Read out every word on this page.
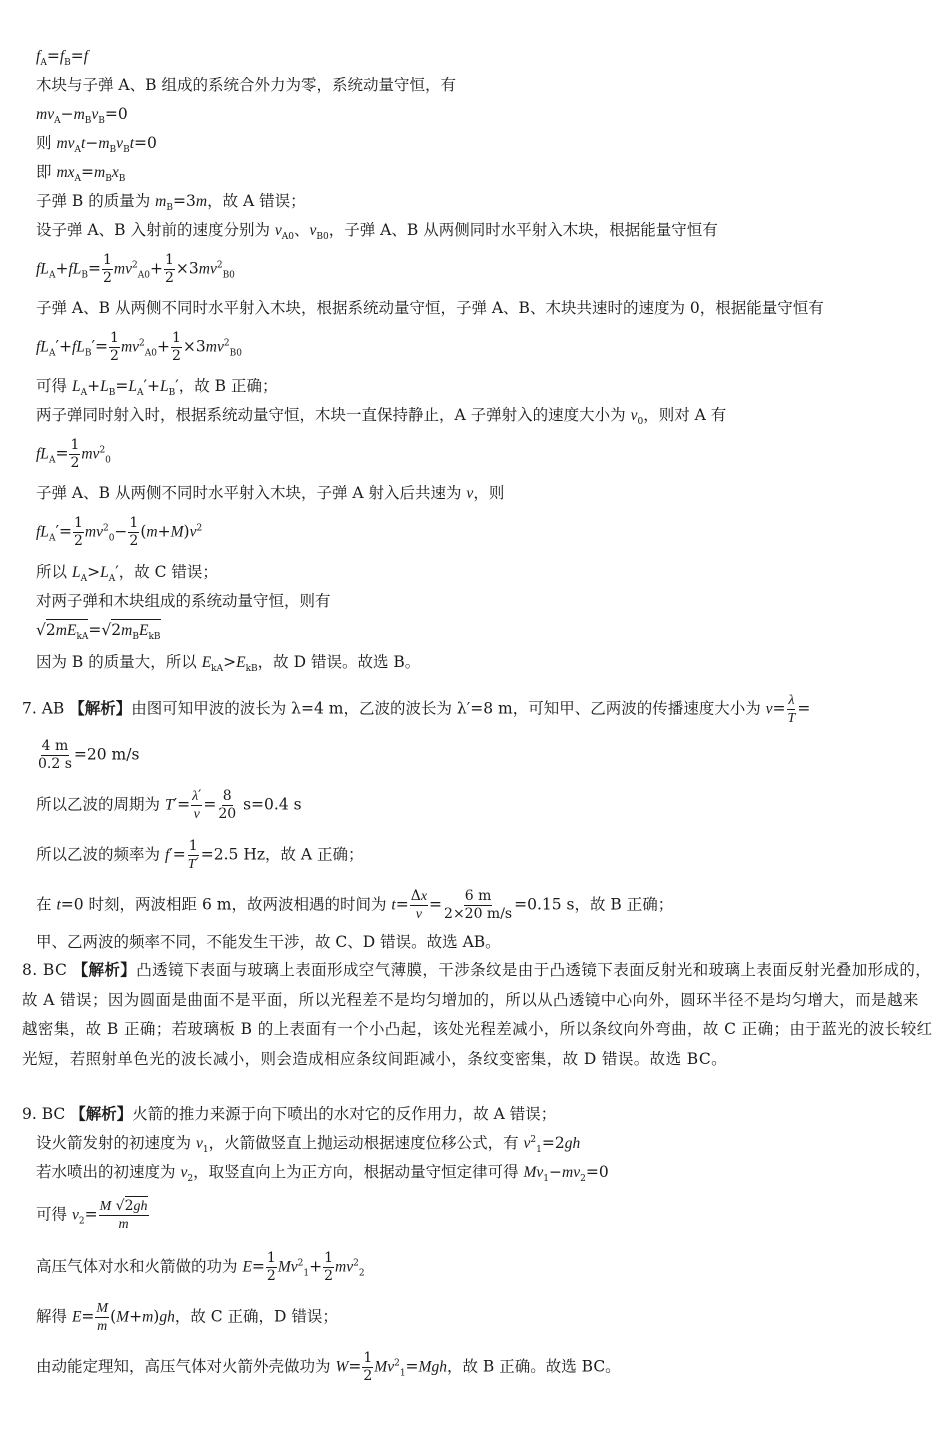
$f_A=f_B=f$
木块与子弹 A、B 组成的系统合外力为零，系统动量守恒，有
$mv_A-m_Bv_B=0$
则 $mv_At-m_Bv_Bt=0$
即 $mx_A=m_Bx_B$
子弹 B 的质量为 $m_B=3m$，故 A 错误；
设子弹 A、B 入射前的速度分别为 $v_{A0}$、$v_{B0}$，子弹 A、B 从两侧同时水平射入木块，根据能量守恒有
$fL_A+fL_B= \frac{1}{2} mv^2_{A0}+ \frac{1}{2} \times 3mv^2_{B0}$
子弹 A、B 从两侧不同时水平射入木块，根据系统动量守恒，子弹 A、B、木块共速时的速度为 0，根据能量守恒有
$fL_A'+fL_B'= \frac{1}{2} mv^2_{A0}+ \frac{1}{2} \times 3mv^2_{B0}$
可得 $L_A+L_B=L_A'+L_B'$，故 B 正确；
两子弹同时射入时，根据系统动量守恒，木块一直保持静止，A 子弹射入的速度大小为 $v_0$，则对 A 有
$fL_A= \frac{1}{2} mv^2_0$
子弹 A、B 从两侧不同时水平射入木块，子弹 A 射入后共速为 v，则
$fL_A'= \frac{1}{2} mv^2_0- \frac{1}{2} (m+M)v^2$
所以 $L_A>L_A'$，故 C 错误；
对两子弹和木块组成的系统动量守恒，则有
$√2mE_{kA}=√2m_BE_{kB}$
因为 B 的质量大，所以 $E_{kA}>E_{kB}$，故 D 错误。故选 B。
7. AB 【解析】由图可知甲波的波长为 λ=4 m，乙波的波长为 λ′=8 m，可知甲、乙两波的传播速度大小为 $v= \frac{\lambda}{T}$ =
$\frac{4 m}{0.2 s} =20$ m/s
所以乙波的周期为 $T'= \frac{\lambda'}{v} = \frac{8}{20} s=0.4$ s
所以乙波的频率为 $f'= \frac{1}{T'} =2.5$ Hz，故 A 正确；
在 t=0 时刻，两波相距 6 m，故两波相遇的时间为 $t= \frac{\Delta x}{v} = \frac{6 m}{2\times 20 m/s} =0.15$ s，故 B 正确；
甲、乙两波的频率不同，不能发生干涉，故 C、D 错误。故选 AB。
8. BC 【解析】凸透镜下表面与玻璃上表面形成空气薄膜，干涉条纹是由于凸透镜下表面反射光和玻璃上表面反射光叠加形成的，故 A 错误；因为圆面是曲面不是平面，所以光程差不是均匀增加的，所以从凸透镜中心向外，圆环半径不是均匀增大，而是越来越密集，故 B 正确；若玻璃板 B 的上表面有一个小凸起，该处光程差减小，所以条纹向外弯曲，故 C 正确；由于蓝光的波长较红光短，若照射单色光的波长减小，则会造成相应条纹间距减小，条纹变密集，故 D 错误。故选 BC。
9. BC 【解析】火箭的推力来源于向下喷出的水对它的反作用力，故 A 错误；
设火箭发射的初速度为 $v_1$，火箭做竖直上抛运动根据速度位移公式，有 $v^2_1=2gh$
若水喷出的初速度为 $v_2$，取竖直向上为正方向，根据动量守恒定律可得 $Mv_1-mv_2=0$
可得 $v_2= \frac{M √2gh}{m}$
高压气体对水和火箭做的功为 $E= \frac{1}{2} Mv^2_1+ \frac{1}{2} mv^2_2$
解得 $E= \frac{M}{m} (M+m)gh$，故 C 正确，D 错误；
由动能定理知，高压气体对火箭外壳做功为 $W= \frac{1}{2} Mv^2_1=Mgh$，故 B 正确。故选 BC。
